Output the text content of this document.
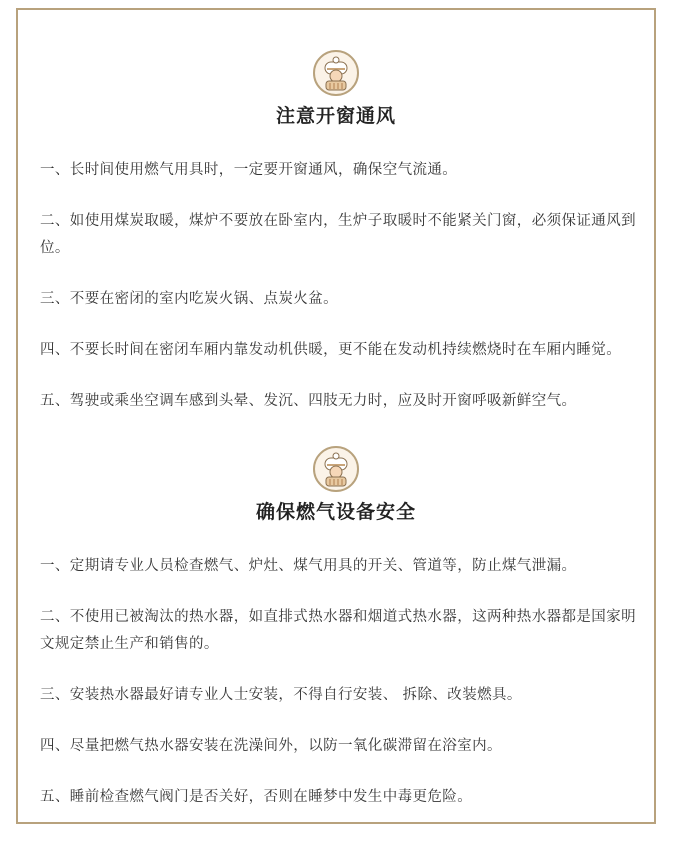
注意开窗通风

一、长时间使用燃气用具时，一定要开窗通风，确保空气流通。

二、如使用煤炭取暖，煤炉不要放在卧室内，生炉子取暖时不能紧关门窗，必须保证通风到位。

三、不要在密闭的室内吃炭火锅、点炭火盆。

四、不要长时间在密闭车厢内靠发动机供暖，更不能在发动机持续燃烧时在车厢内睡觉。

五、驾驶或乘坐空调车感到头晕、发沉、四肢无力时，应及时开窗呼吸新鲜空气。

确保燃气设备安全

一、定期请专业人员检查燃气、炉灶、煤气用具的开关、管道等，防止煤气泄漏。

二、不使用已被淘汰的热水器，如直排式热水器和烟道式热水器，这两种热水器都是国家明文规定禁止生产和销售的。

三、安装热水器最好请专业人士安装，不得自行安装、 拆除、改装燃具。

四、尽量把燃气热水器安装在洗澡间外，以防一氧化碳滞留在浴室内。

五、睡前检查燃气阀门是否关好，否则在睡梦中发生中毒更危险。
